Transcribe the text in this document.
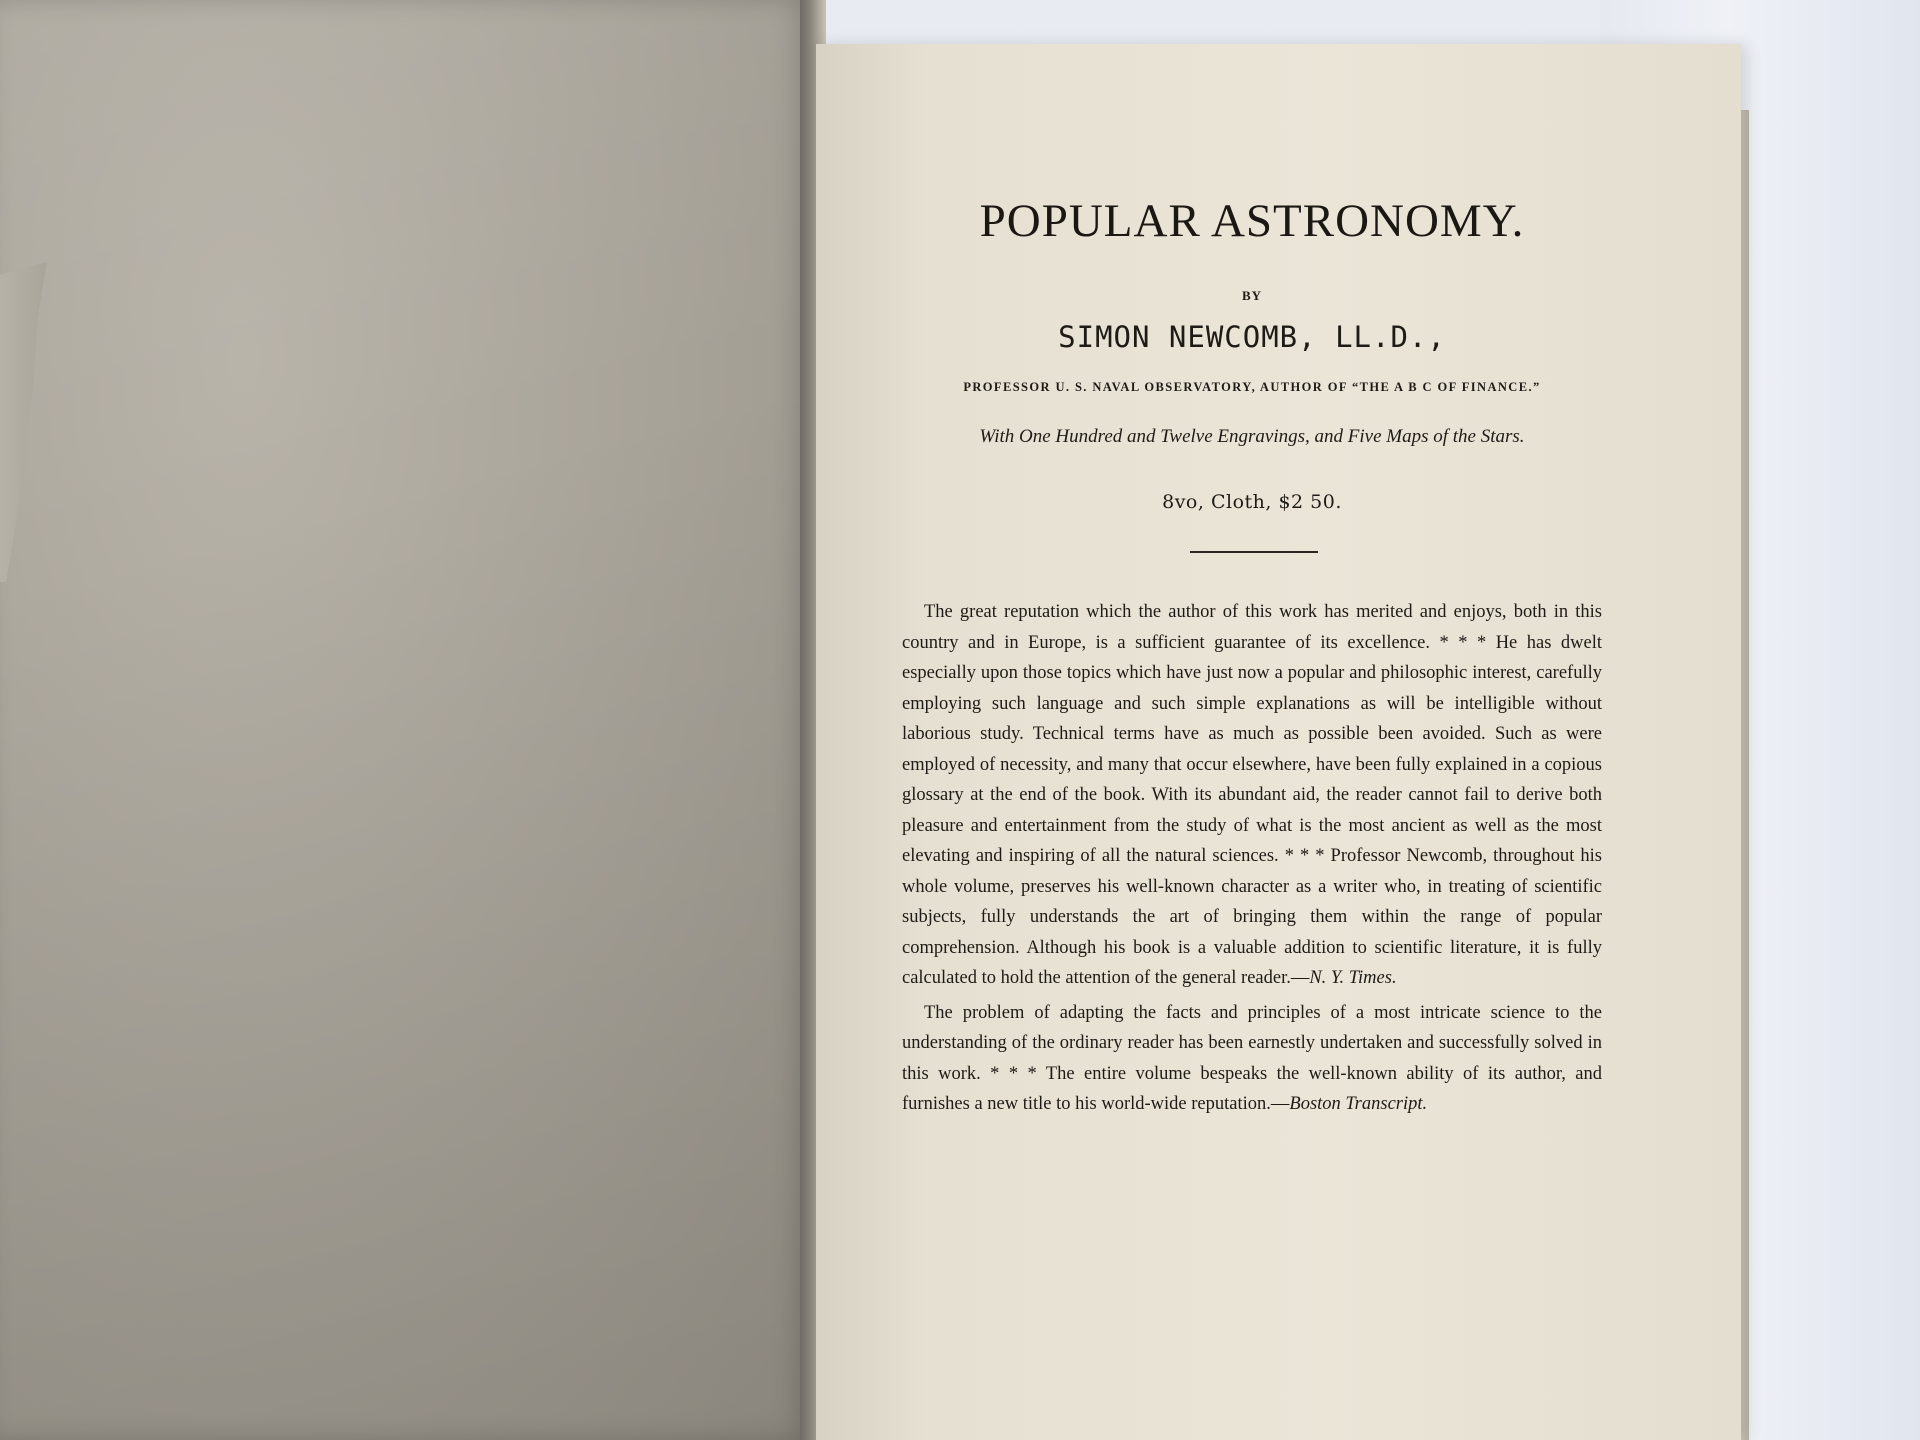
POPULAR ASTRONOMY.
BY
SIMON NEWCOMB, LL.D.,
PROFESSOR U. S. NAVAL OBSERVATORY, AUTHOR OF “THE A B C OF FINANCE.”
With One Hundred and Twelve Engravings, and Five Maps of the Stars.
8vo, Cloth, $2 50.

The great reputation which the author of this work has merited and enjoys, both in this country and in Europe, is a sufficient guarantee of its excellence. * * * He has dwelt especially upon those topics which have just now a popular and philosophic interest, carefully employing such language and such simple explanations as will be intelligible without laborious study. Technical terms have as much as possible been avoided. Such as were employed of necessity, and many that occur elsewhere, have been fully explained in a copious glossary at the end of the book. With its abundant aid, the reader cannot fail to derive both pleasure and entertainment from the study of what is the most ancient as well as the most elevating and inspiring of all the natural sciences. * * * Professor Newcomb, throughout his whole volume, preserves his well-known character as a writer who, in treating of scientific subjects, fully understands the art of bringing them within the range of popular comprehension. Although his book is a valuable addition to scientific literature, it is fully calculated to hold the attention of the general reader.—N. Y. Times.

The problem of adapting the facts and principles of a most intricate science to the understanding of the ordinary reader has been earnestly undertaken and successfully solved in this work. * * * The entire volume bespeaks the well-known ability of its author, and furnishes a new title to his world-wide reputation.—Boston Transcript.
